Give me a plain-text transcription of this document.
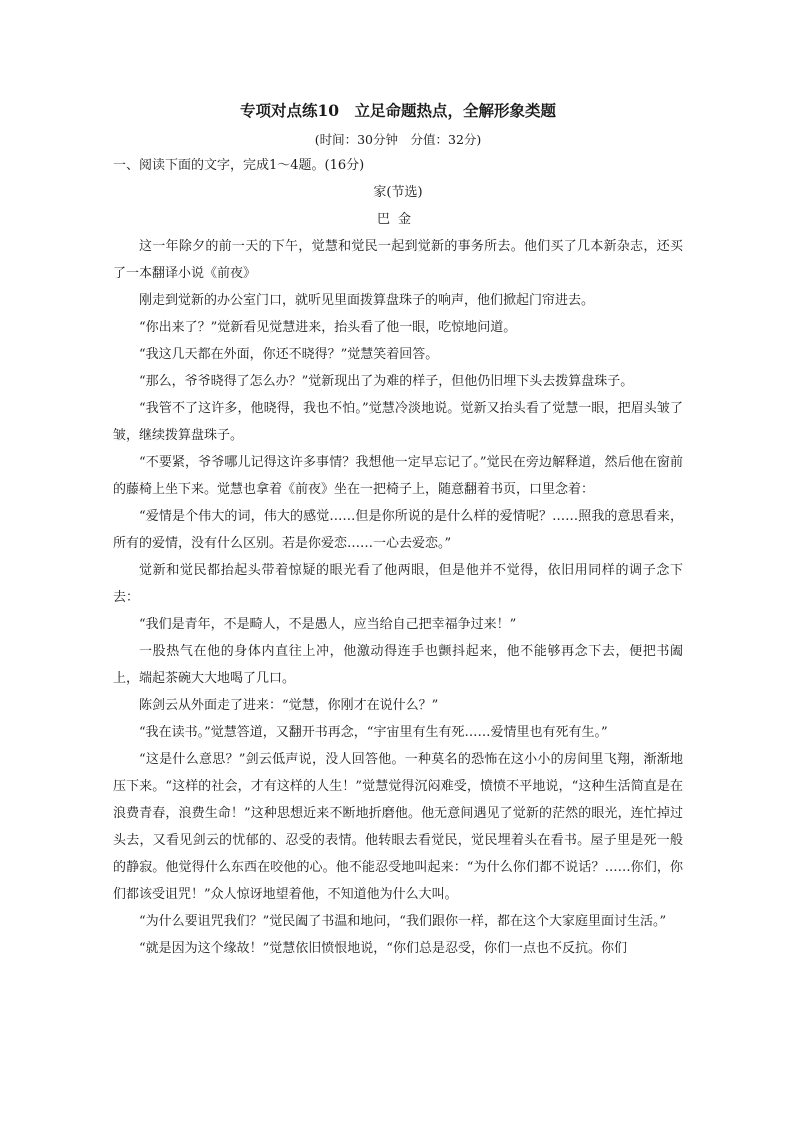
专项对点练10　立足命题热点，全解形象类题
(时间：30分钟　分值：32分)
一、阅读下面的文字，完成1～4题。(16分)
家(节选)
巴金

这一年除夕的前一天的下午，觉慧和觉民一起到觉新的事务所去。他们买了几本新杂志，还买了一本翻译小说《前夜》

刚走到觉新的办公室门口，就听见里面拨算盘珠子的响声，他们掀起门帘进去。

“你出来了？”觉新看见觉慧进来，抬头看了他一眼，吃惊地问道。

“我这几天都在外面，你还不晓得？”觉慧笑着回答。

“那么，爷爷晓得了怎么办？”觉新现出了为难的样子，但他仍旧埋下头去拨算盘珠子。

“我管不了这许多，他晓得，我也不怕。”觉慧冷淡地说。觉新又抬头看了觉慧一眼，把眉头皱了皱，继续拨算盘珠子。

“不要紧，爷爷哪儿记得这许多事情？我想他一定早忘记了。”觉民在旁边解释道，然后他在窗前的藤椅上坐下来。觉慧也拿着《前夜》坐在一把椅子上，随意翻着书页，口里念着：

“爱情是个伟大的词，伟大的感觉……但是你所说的是什么样的爱情呢？……照我的意思看来，所有的爱情，没有什么区别。若是你爱恋……一心去爱恋。”

觉新和觉民都抬起头带着惊疑的眼光看了他两眼，但是他并不觉得，依旧用同样的调子念下去：

“我们是青年，不是畸人，不是愚人，应当给自己把幸福争过来！”

一股热气在他的身体内直往上冲，他激动得连手也颤抖起来，他不能够再念下去，便把书阖上，端起茶碗大大地喝了几口。

陈剑云从外面走了进来：“觉慧，你刚才在说什么？”

“我在读书。”觉慧答道，又翻开书再念，“宇宙里有生有死……爱情里也有死有生。”

“这是什么意思？”剑云低声说，没人回答他。一种莫名的恐怖在这小小的房间里飞翔，渐渐地压下来。“这样的社会，才有这样的人生！”觉慧觉得沉闷难受，愤愤不平地说，“这种生活简直是在浪费青春，浪费生命！”这种思想近来不断地折磨他。他无意间遇见了觉新的茫然的眼光，连忙掉过头去，又看见剑云的忧郁的、忍受的表情。他转眼去看觉民，觉民埋着头在看书。屋子里是死一般的静寂。他觉得什么东西在咬他的心。他不能忍受地叫起来：“为什么你们都不说话？……你们，你们都该受诅咒！”众人惊讶地望着他，不知道他为什么大叫。

“为什么要诅咒我们？”觉民阖了书温和地问，“我们跟你一样，都在这个大家庭里面讨生活。”

“就是因为这个缘故！”觉慧依旧愤恨地说，“你们总是忍受，你们一点也不反抗。你们
